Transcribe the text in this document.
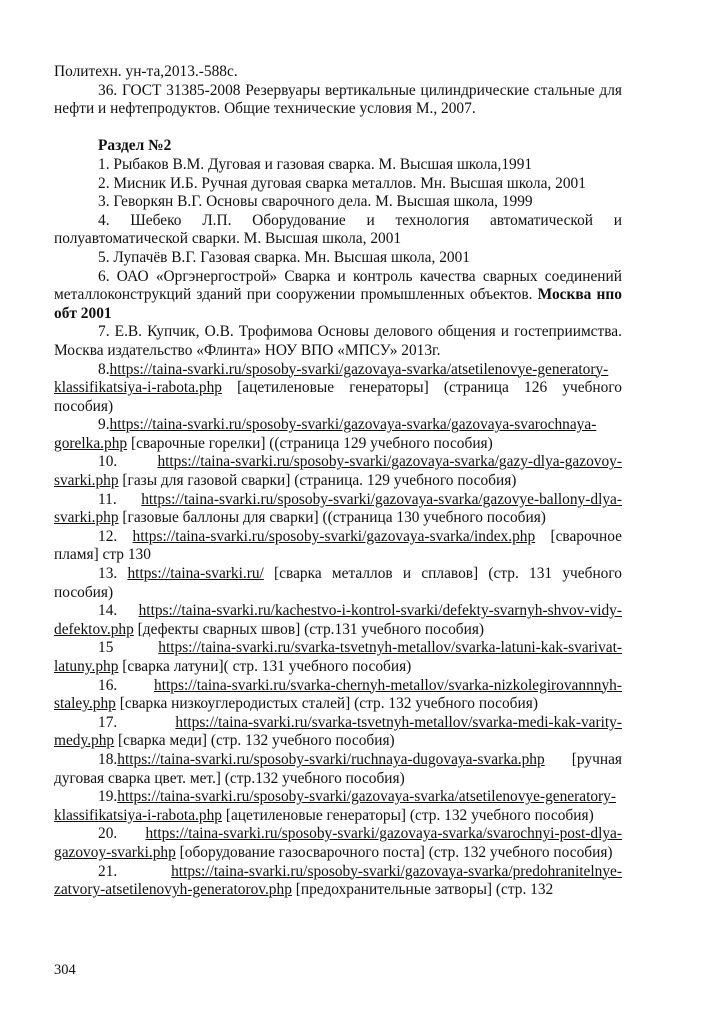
Политехн. ун-та,2013.-588с.

36. ГОСТ 31385-2008 Резервуары вертикальные цилиндрические стальные для нефти и нефтепродуктов. Общие технические условия М., 2007.

Раздел №2

1. Рыбаков В.М. Дуговая и газовая сварка. М. Высшая школа,1991

2. Мисник И.Б. Ручная дуговая сварка металлов. Мн. Высшая школа, 2001

3. Геворкян В.Г. Основы сварочного дела. М. Высшая школа, 1999

4. Шебеко Л.П. Оборудование и технология автоматической и полуавтоматической сварки. М. Высшая школа, 2001

5. Лупачёв В.Г. Газовая сварка. Мн. Высшая школа, 2001

6. ОАО «Оргэнергострой» Сварка и контроль качества сварных соединений металлоконструкций зданий при сооружении промышленных объектов. Москва нпо обт 2001

7. Е.В. Купчик, О.В. Трофимова Основы делового общения и гостеприимства. Москва издательство «Флинта» НОУ ВПО «МПСУ» 2013г.

8.https://taina-svarki.ru/sposoby-svarki/gazovaya-svarka/atsetilenovye-generatory-klassifikatsiya-i-rabota.php [ацетиленовые генераторы] (страница 126 учебного пособия)

9.https://taina-svarki.ru/sposoby-svarki/gazovaya-svarka/gazovaya-svarochnaya-gorelka.php [сварочные горелки] ((страница 129 учебного пособия)

10. https://taina-svarki.ru/sposoby-svarki/gazovaya-svarka/gazy-dlya-gazovoy-svarki.php [газы для газовой сварки] (страница. 129 учебного пособия)

11. https://taina-svarki.ru/sposoby-svarki/gazovaya-svarka/gazovye-ballony-dlya-svarki.php [газовые баллоны для сварки] ((страница 130 учебного пособия)

12. https://taina-svarki.ru/sposoby-svarki/gazovaya-svarka/index.php [сварочное пламя] стр 130

13. https://taina-svarki.ru/ [сварка металлов и сплавов] (стр. 131 учебного пособия)

14. https://taina-svarki.ru/kachestvo-i-kontrol-svarki/defekty-svarnyh-shvov-vidy-defektov.php [дефекты сварных швов] (стр.131 учебного пособия)

15 https://taina-svarki.ru/svarka-tsvetnyh-metallov/svarka-latuni-kak-svarivat-latuny.php [сварка латуни]( стр. 131 учебного пособия)

16. https://taina-svarki.ru/svarka-chernyh-metallov/svarka-nizkolegirovannnyh-staley.php [сварка низкоуглеродистых сталей] (стр. 132 учебного пособия)

17. https://taina-svarki.ru/svarka-tsvetnyh-metallov/svarka-medi-kak-varity-medy.php [сварка меди] (стр. 132 учебного пособия)

18.https://taina-svarki.ru/sposoby-svarki/ruchnaya-dugovaya-svarka.php [ручная дуговая сварка цвет. мет.] (стр.132 учебного пособия)

19.https://taina-svarki.ru/sposoby-svarki/gazovaya-svarka/atsetilenovye-generatory-klassifikatsiya-i-rabota.php [ацетиленовые генераторы] (стр. 132 учебного пособия)

20. https://taina-svarki.ru/sposoby-svarki/gazovaya-svarka/svarochnyi-post-dlya-gazovoy-svarki.php [оборудование газосварочного поста] (стр. 132 учебного пособия)

21. https://taina-svarki.ru/sposoby-svarki/gazovaya-svarka/predohranitelnye-zatvory-atsetilenovyh-generatorov.php [предохранительные затворы] (стр. 132

304
